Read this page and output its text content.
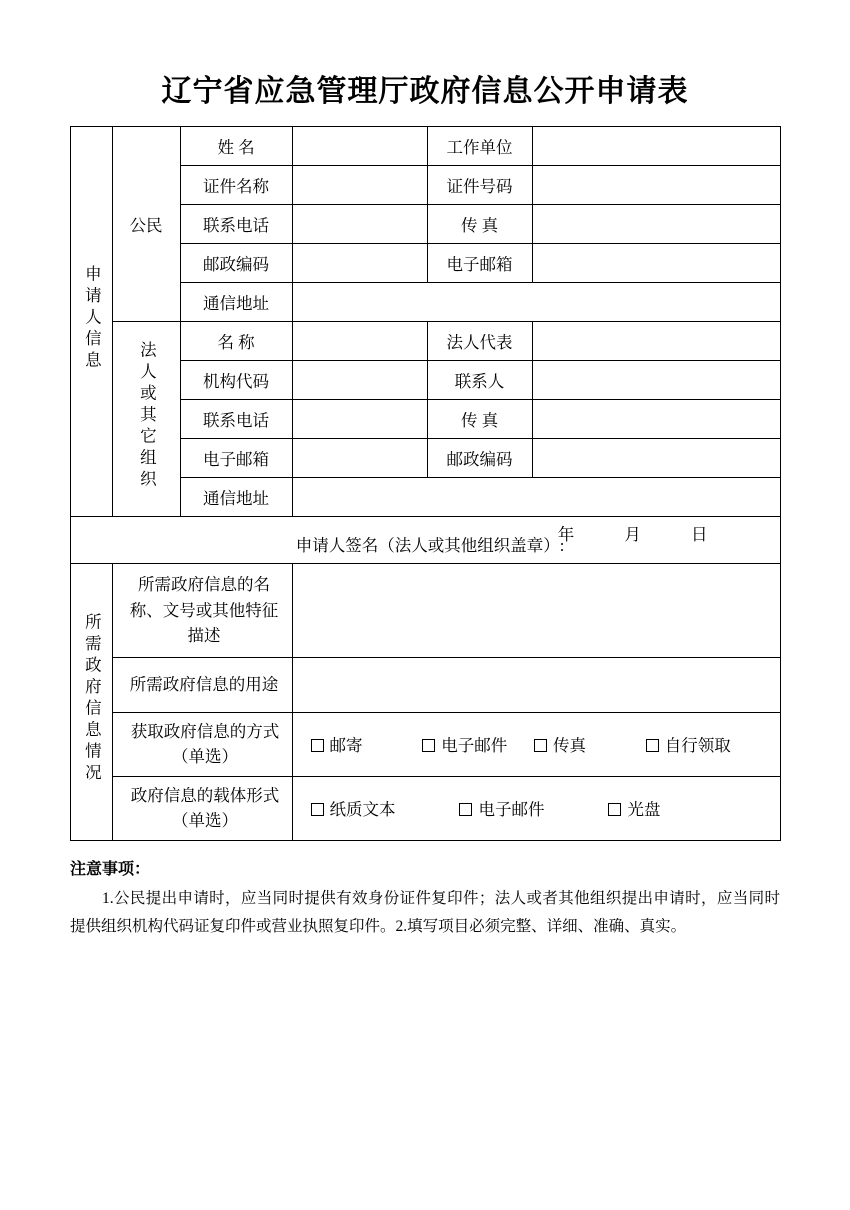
辽宁省应急管理厅政府信息公开申请表
申请人信息	公民	姓 名		工作单位	
		证件名称		证件号码	
		联系电话		传 真	
		邮政编码		电子邮箱	
		通信地址			
	法人或其它组织	名 称		法人代表	
		机构代码		联系人	
		联系电话		传 真	
		电子邮箱		邮政编码	
		通信地址			

申请人签名（法人或其他组织盖章）:
年 月 日					

所需政府信息情况	所需政府信息的名称、文号或其他特征描述				
	所需政府信息的用途				
	获取政府信息的方式（单选）		邮寄 电子邮件 传真 自行领取		

	政府信息的载体形式（单选）		纸质文本 电子邮件 光盘		

注意事项：

1.公民提出申请时，应当同时提供有效身份证件复印件；法人或者其他组织提出申请时，应当同时提供组织机构代码证复印件或营业执照复印件。2.填写项目必须完整、详细、准确、真实。
